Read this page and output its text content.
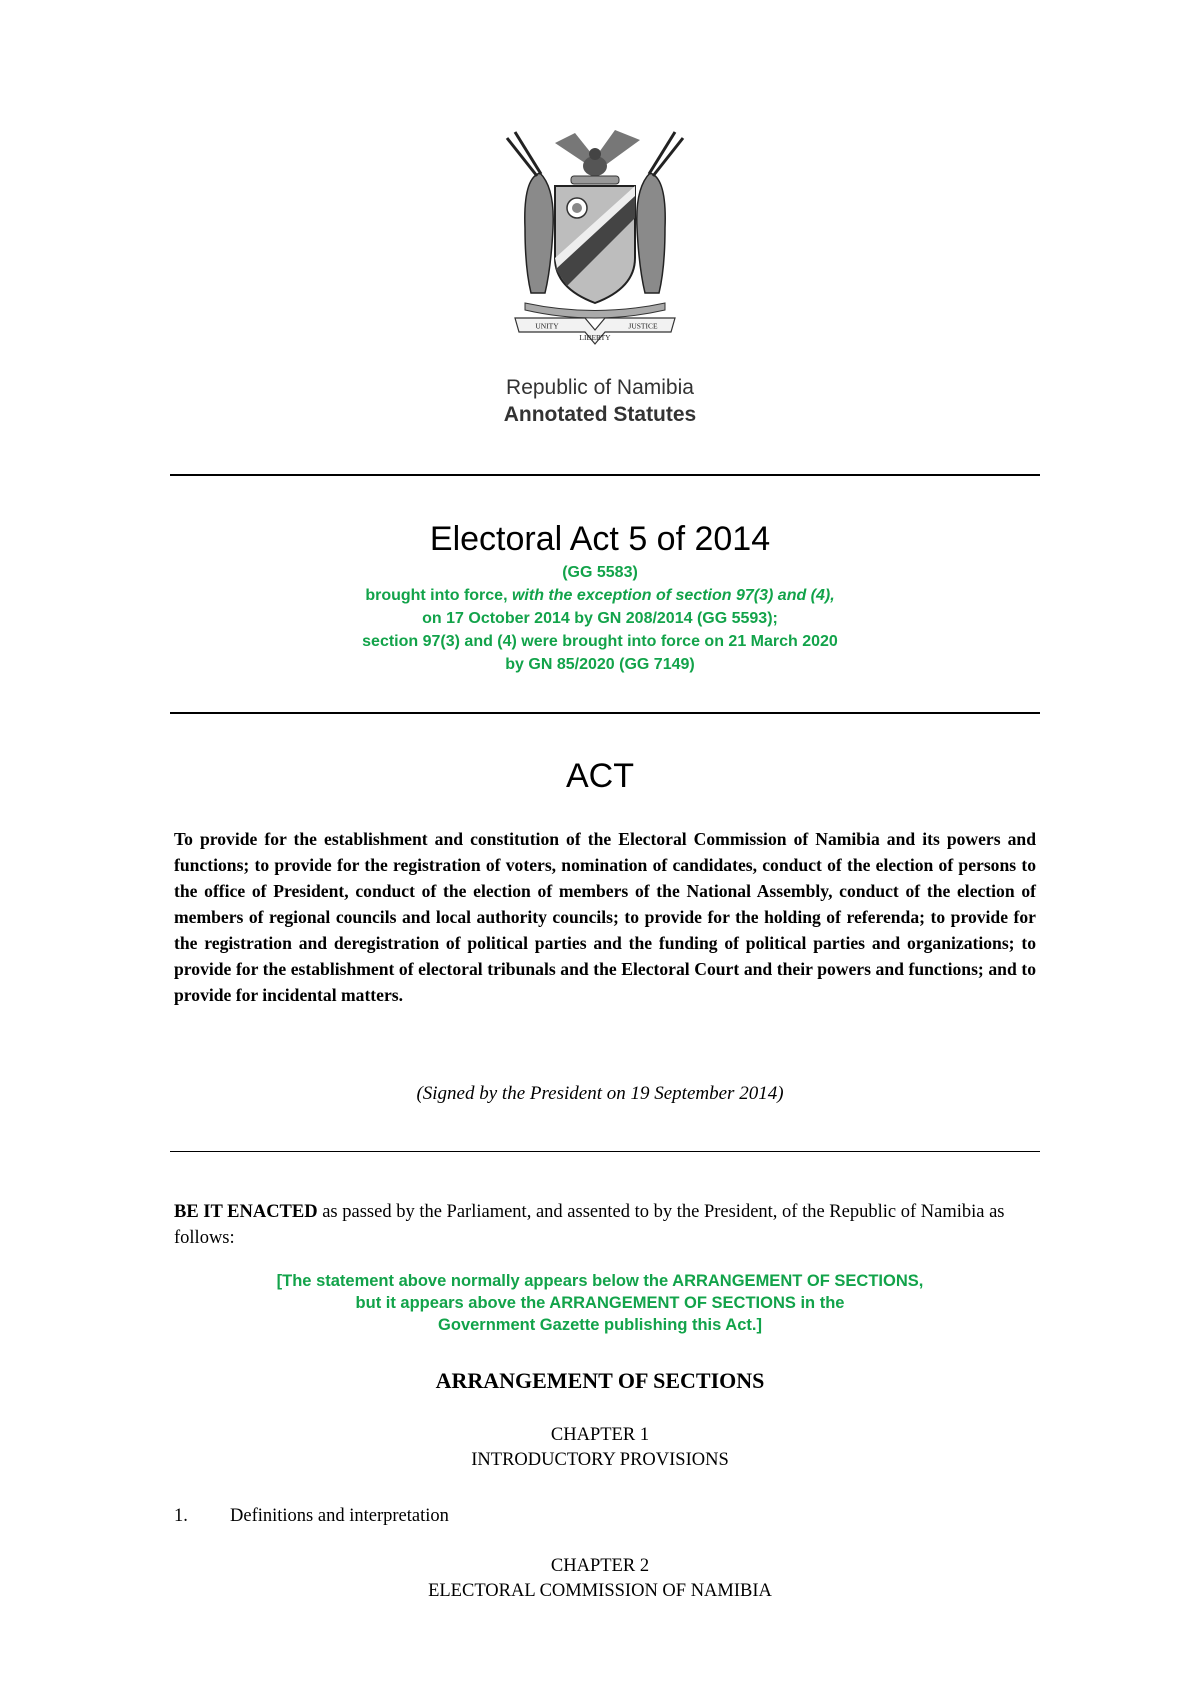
UNITY
LIBERTY
JUSTICE
Republic of Namibia
Annotated Statutes
Electoral Act 5 of 2014
(GG 5583)
brought into force, with the exception of section 97(3) and (4),
on 17 October 2014 by GN 208/2014 (GG 5593);
section 97(3) and (4) were brought into force on 21 March 2020
by GN 85/2020 (GG 7149)
ACT
To provide for the establishment and constitution of the Electoral Commission of Namibia and its powers and functions; to provide for the registration of voters, nomination of candidates, conduct of the election of persons to the office of President, conduct of the election of members of the National Assembly, conduct of the election of members of regional councils and local authority councils; to provide for the holding of referenda; to provide for the registration and deregistration of political parties and the funding of political parties and organizations; to provide for the establishment of electoral tribunals and the Electoral Court and their powers and functions; and to provide for incidental matters.
(Signed by the President on 19 September 2014)
BE IT ENACTED as passed by the Parliament, and assented to by the President, of the Republic of Namibia as follows:
[The statement above normally appears below the ARRANGEMENT OF SECTIONS,
but it appears above the ARRANGEMENT OF SECTIONS in the
Government Gazette publishing this Act.]
ARRANGEMENT OF SECTIONS
CHAPTER 1
INTRODUCTORY PROVISIONS
1. Definitions and interpretation
CHAPTER 2
ELECTORAL COMMISSION OF NAMIBIA
